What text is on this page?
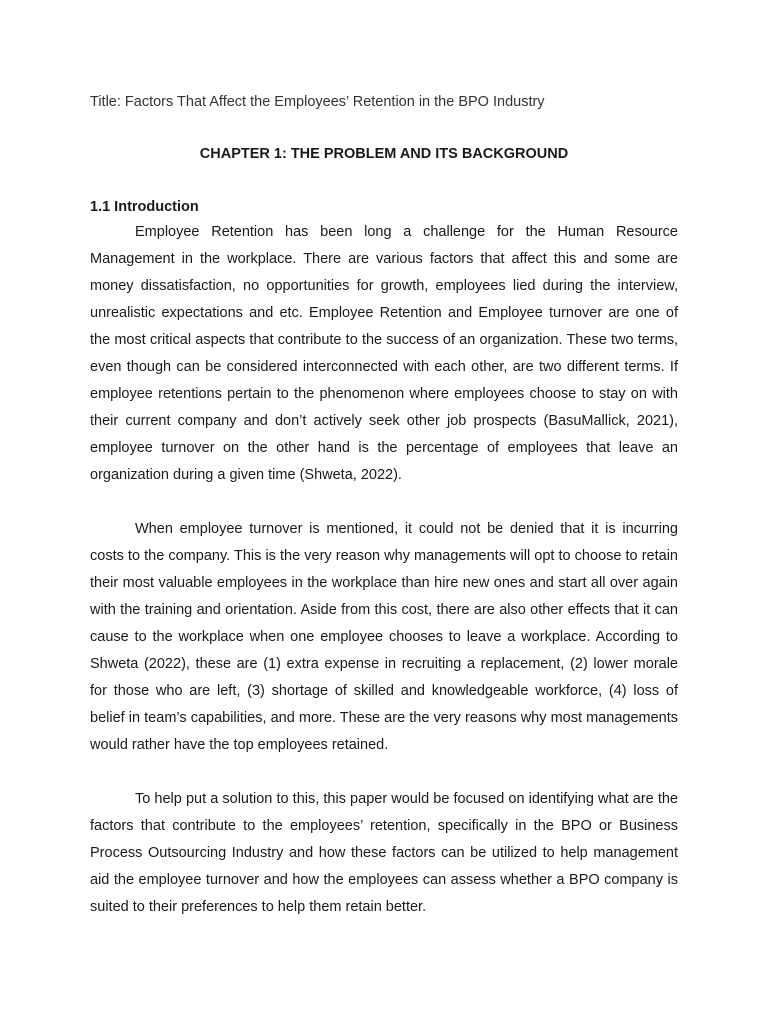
Title: Factors That Affect the Employees’ Retention in the BPO Industry

CHAPTER 1: THE PROBLEM AND ITS BACKGROUND
1.1 Introduction

Employee Retention has been long a challenge for the Human Resource Management in the workplace. There are various factors that affect this and some are money dissatisfaction, no opportunities for growth, employees lied during the interview, unrealistic expectations and etc. Employee Retention and Employee turnover are one of the most critical aspects that contribute to the success of an organization. These two terms, even though can be considered interconnected with each other, are two different terms. If employee retentions pertain to the phenomenon where employees choose to stay on with their current company and don’t actively seek other job prospects (BasuMallick, 2021), employee turnover on the other hand is the percentage of employees that leave an organization during a given time (Shweta, 2022).

When employee turnover is mentioned, it could not be denied that it is incurring costs to the company. This is the very reason why managements will opt to choose to retain their most valuable employees in the workplace than hire new ones and start all over again with the training and orientation. Aside from this cost, there are also other effects that it can cause to the workplace when one employee chooses to leave a workplace. According to Shweta (2022), these are (1) extra expense in recruiting a replacement, (2) lower morale for those who are left, (3) shortage of skilled and knowledgeable workforce, (4) loss of belief in team’s capabilities, and more. These are the very reasons why most managements would rather have the top employees retained.

To help put a solution to this, this paper would be focused on identifying what are the factors that contribute to the employees’ retention, specifically in the BPO or Business Process Outsourcing Industry and how these factors can be utilized to help management aid the employee turnover and how the employees can assess whether a BPO company is suited to their preferences to help them retain better.
